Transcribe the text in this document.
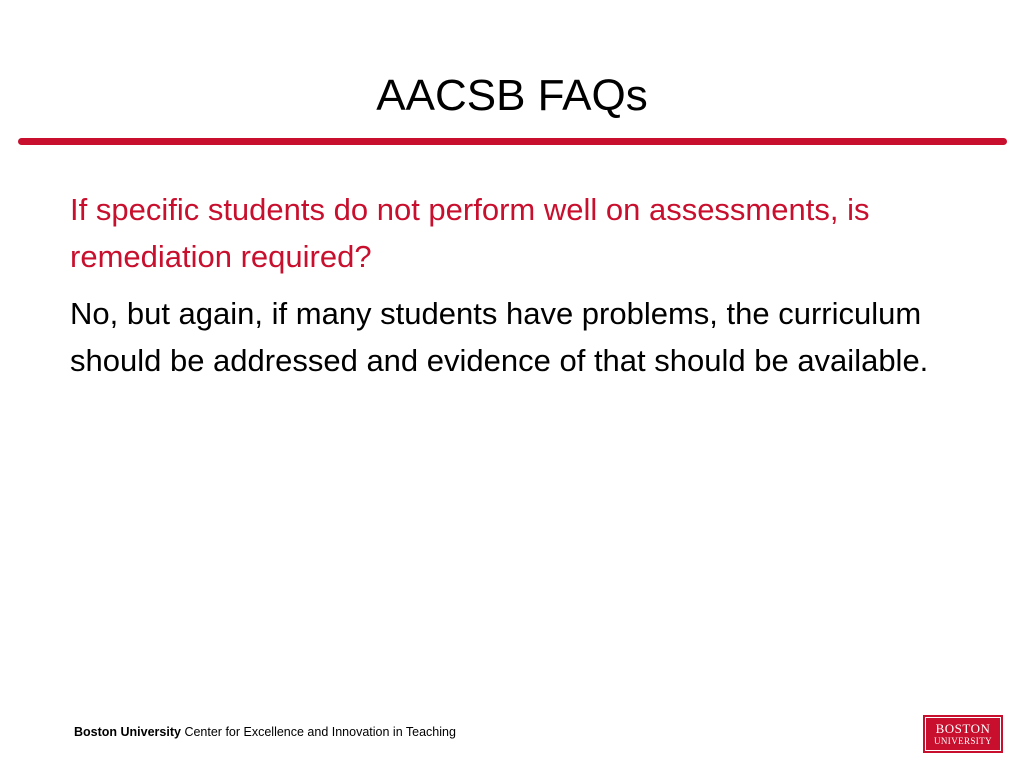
AACSB FAQs

If specific students do not perform well on assessments, is remediation required?

No, but again, if many students have problems, the curriculum should be addressed and evidence of that should be available.

Boston University Center for Excellence and Innovation in Teaching	BOSTON
UNIVERSITY
